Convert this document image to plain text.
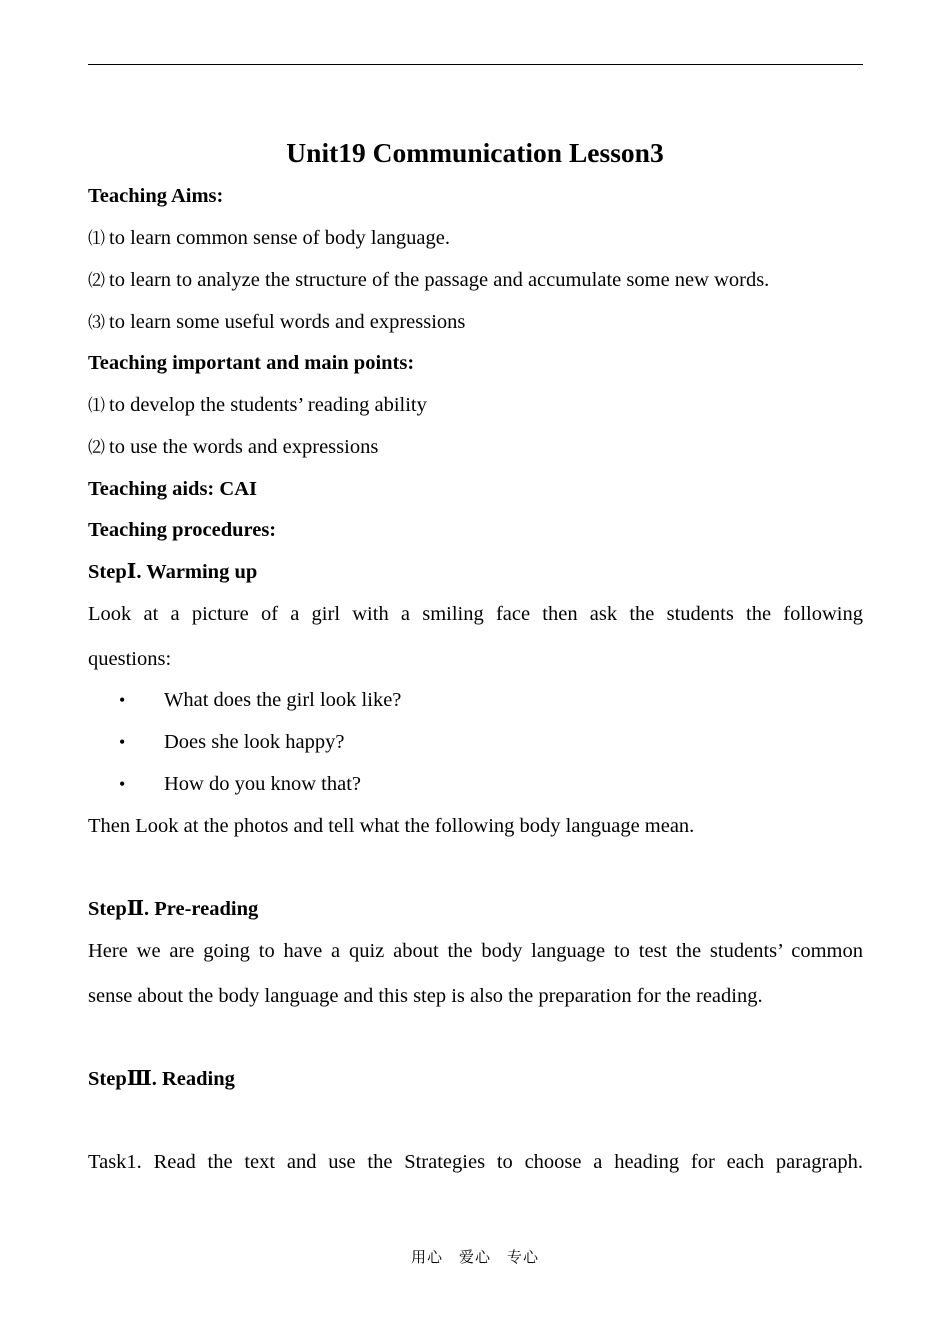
Unit19 Communication Lesson3
Teaching Aims:
⑴ to learn common sense of body language.
⑵ to learn to analyze the structure of the passage and accumulate some new words.
⑶ to learn some useful words and expressions
Teaching important and main points:
⑴ to develop the students’ reading ability
⑵ to use the words and expressions
Teaching aids: CAI
Teaching procedures:
StepⅠ. Warming up
Look at a picture of a girl with a smiling face then ask the students the following
questions:
• What does the girl look like?
• Does she look happy?
• How do you know that?
Then Look at the photos and tell what the following body language mean.
StepⅡ. Pre-reading
Here we are going to have a quiz about the body language to test the students’ common
sense about the body language and this step is also the preparation for the reading.
StepⅢ. Reading
Task1. Read the text and use the Strategies to choose a heading for each paragraph.
用心　爱心　专心
